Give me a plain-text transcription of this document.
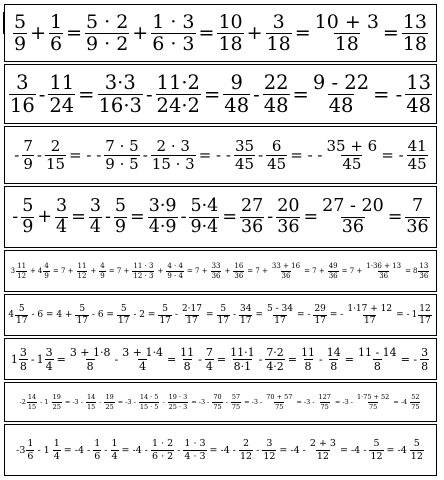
$\frac{5}{9} + \frac{1}{6} = \frac{5 \cdot 2}{9 \cdot 2} + \frac{1 \cdot 3}{6 \cdot 3} = \frac{10}{18} + \frac{3}{18} = \frac{10 + 3}{18} = \frac{13}{18}$
$\frac{3}{16} - \frac{11}{24} = \frac{3\cdot 3}{16\cdot 3} - \frac{11\cdot 2}{24\cdot 2} = \frac{9}{48} - \frac{22}{48} = \frac{9 - 22}{48}$ = - $\frac{13}{48}$
- $\frac{7}{9} - \frac{2}{15}$ = - - $\frac{7 \cdot 5}{9 \cdot 5} - \frac{2 \cdot 3}{15 \cdot 3}$ = - - $\frac{35}{45} - \frac{6}{45}$ = - - $\frac{35 + 6}{45}$ = - $\frac{41}{45}$
- $\frac{5}{9} + \frac{3}{4} = \frac{3}{4} - \frac{5}{9} = \frac{3\cdot 9}{4\cdot 9} - \frac{5\cdot 4}{9\cdot 4} = \frac{27}{36} - \frac{20}{36} = \frac{27 - 20}{36} = \frac{7}{36}$
$3 \frac{11}{12} + 4 \frac{4}{9} = 7 + \frac{11}{12} + \frac{4}{9} = 7 + \frac{11 \cdot 3}{12 \cdot 3} + \frac{4 \cdot 4}{9 \cdot 4} = 7 + \frac{33}{36} + \frac{16}{36} = 7 + \frac{33 + 16}{36} = 7 + \frac{49}{36} = 7 + \frac{1\cdot 36 + 13}{36} = 8 \frac{13}{36}$
$4 \frac{5}{17} - 6 = 4 + \frac{5}{17} - 6 = \frac{5}{17} - 2 = \frac{5}{17} - \frac{2\cdot 17}{17} = \frac{5}{17} - \frac{34}{17} = \frac{5 - 34}{17}$ = - $\frac{29}{17}$ = - $\frac{1\cdot 17 + 12}{17}$ = - $1 \frac{12}{17}$
$1 \frac{3}{8} - 1 \frac{3}{4} = \frac{3 + 1\cdot 8}{8} - \frac{3 + 1\cdot 4}{4} = \frac{11}{8} - \frac{7}{4} = \frac{11\cdot 1}{8\cdot 1} - \frac{7\cdot 2}{4\cdot 2} = \frac{11}{8} - \frac{14}{8} = \frac{11 - 14}{8}$ = - $\frac{3}{8}$
$-2 \frac{14}{15} - 1 \frac{19}{25} = -3 - \frac{14}{15} - \frac{19}{25} = -3 - \frac{14 \cdot 5}{15 \cdot 5} - \frac{19 \cdot 3}{25 \cdot 3} = -3 - \frac{70}{75} - \frac{57}{75} = -3 - \frac{70 + 57}{75} = -3 - \frac{127}{75} = -3 - \frac{1\cdot 75 + 52}{75} = -4 \frac{52}{75}$
$-3 \frac{1}{6} - 1 \frac{1}{4} = -4 - \frac{1}{6} - \frac{1}{4} = -4 - \frac{1 \cdot 2}{6 \cdot 2} - \frac{1 \cdot 3}{4 \cdot 3} = -4 - \frac{2}{12} - \frac{3}{12} = -4 - \frac{2 + 3}{12} = -4 - \frac{5}{12} = -4 \frac{5}{12}$
